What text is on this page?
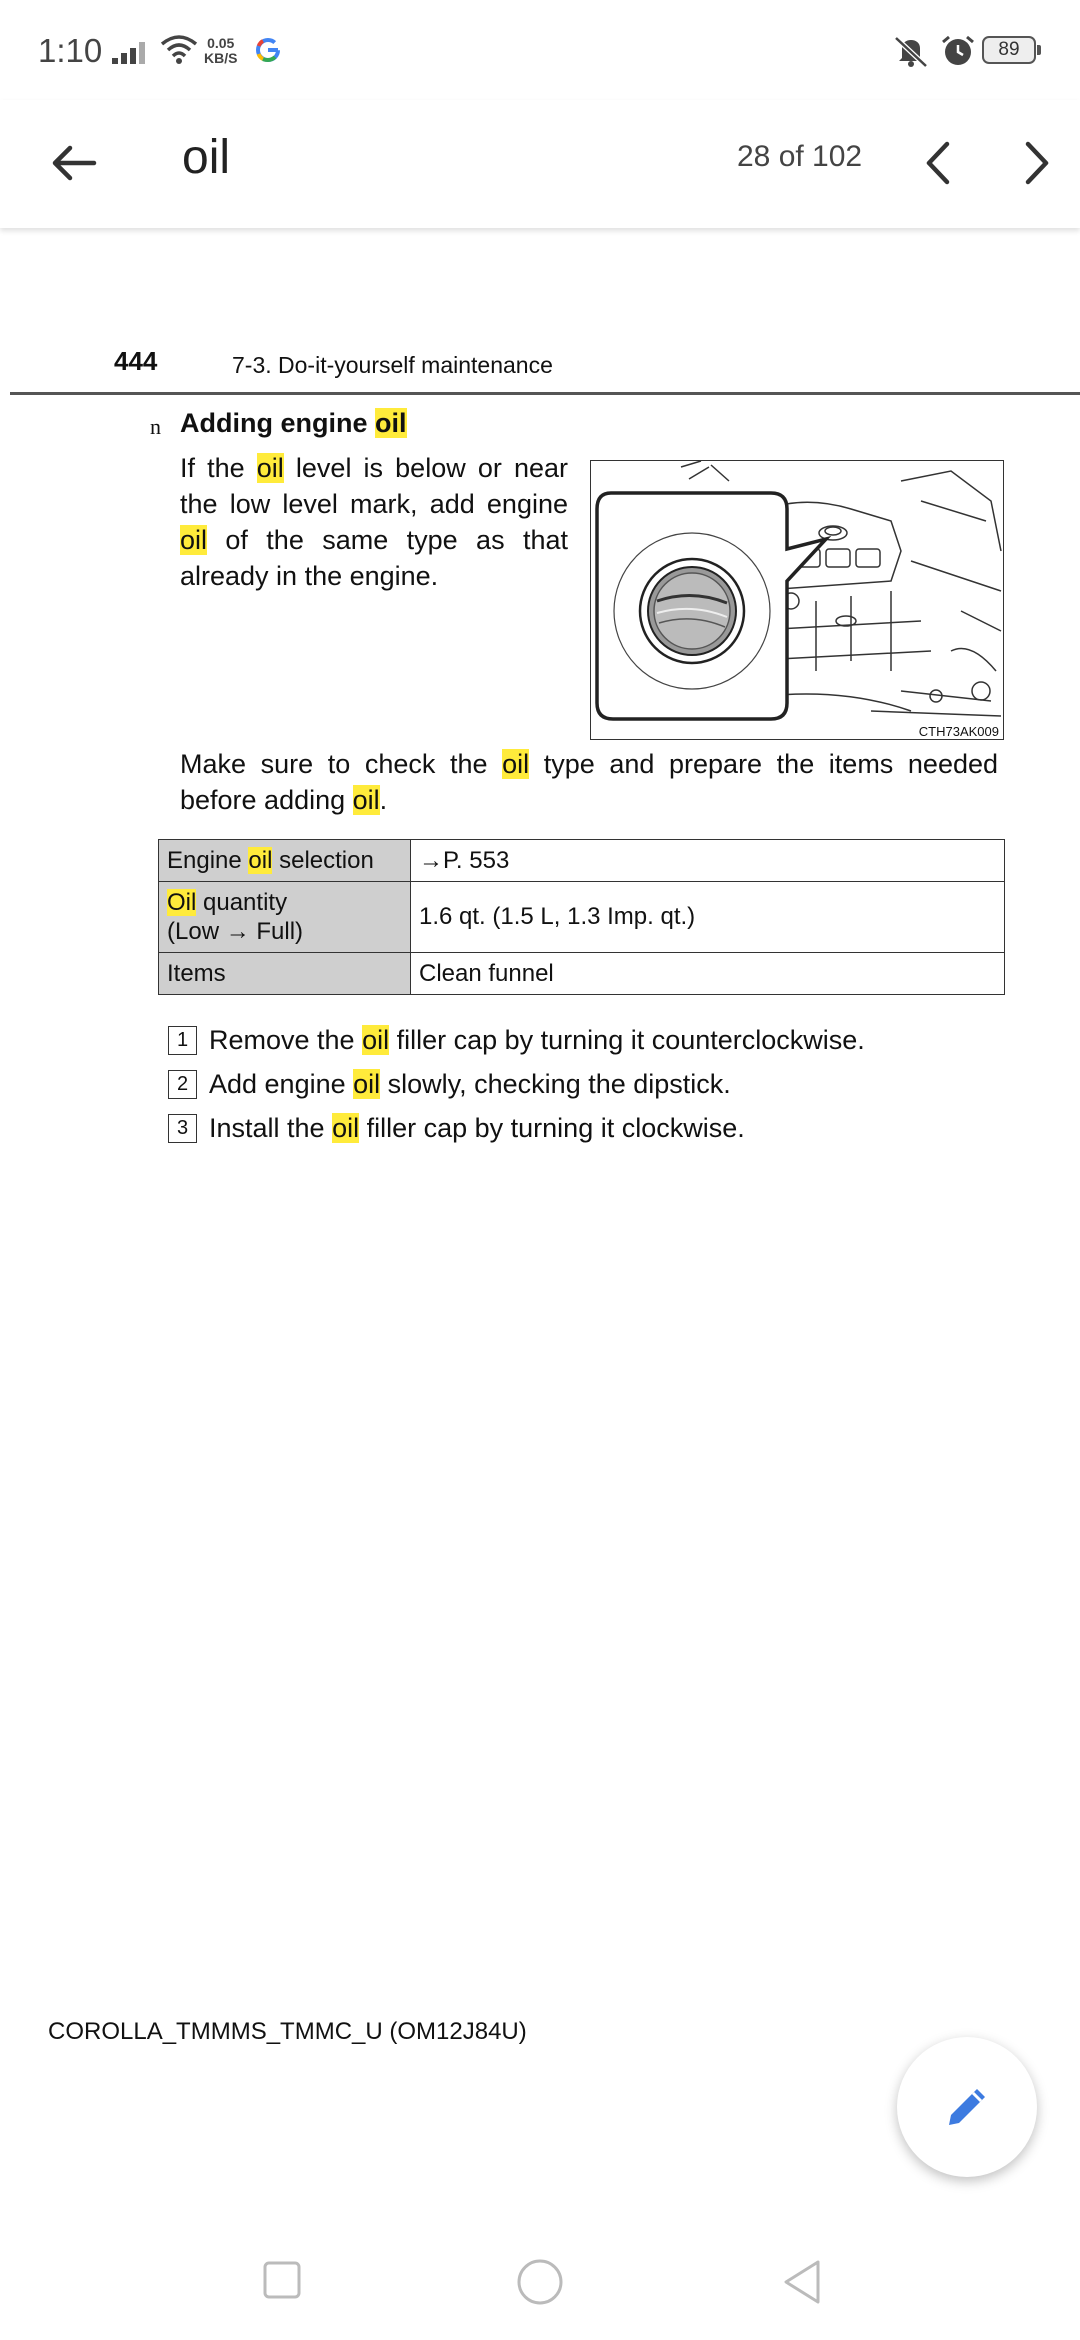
1:10	0.05
KB/S	89
oil	28 of 102
444	7-3. Do-it-yourself maintenance
n Adding engine oil
If the oil level is below or near the low level mark, add engine oil of the same type as that already in the engine.
CTH73AK009
Make sure to check the oil type and prepare the items needed before adding oil.
Engine oil selection	→P. 553
Oil quantity
(Low → Full)	1.6 qt. (1.5 L, 1.3 Imp. qt.)
Items	Clean funnel
1 Remove the oil filler cap by turning it counterclockwise.
2 Add engine oil slowly, checking the dipstick.
3 Install the oil filler cap by turning it clockwise.
COROLLA_TMMMS_TMMC_U (OM12J84U)
